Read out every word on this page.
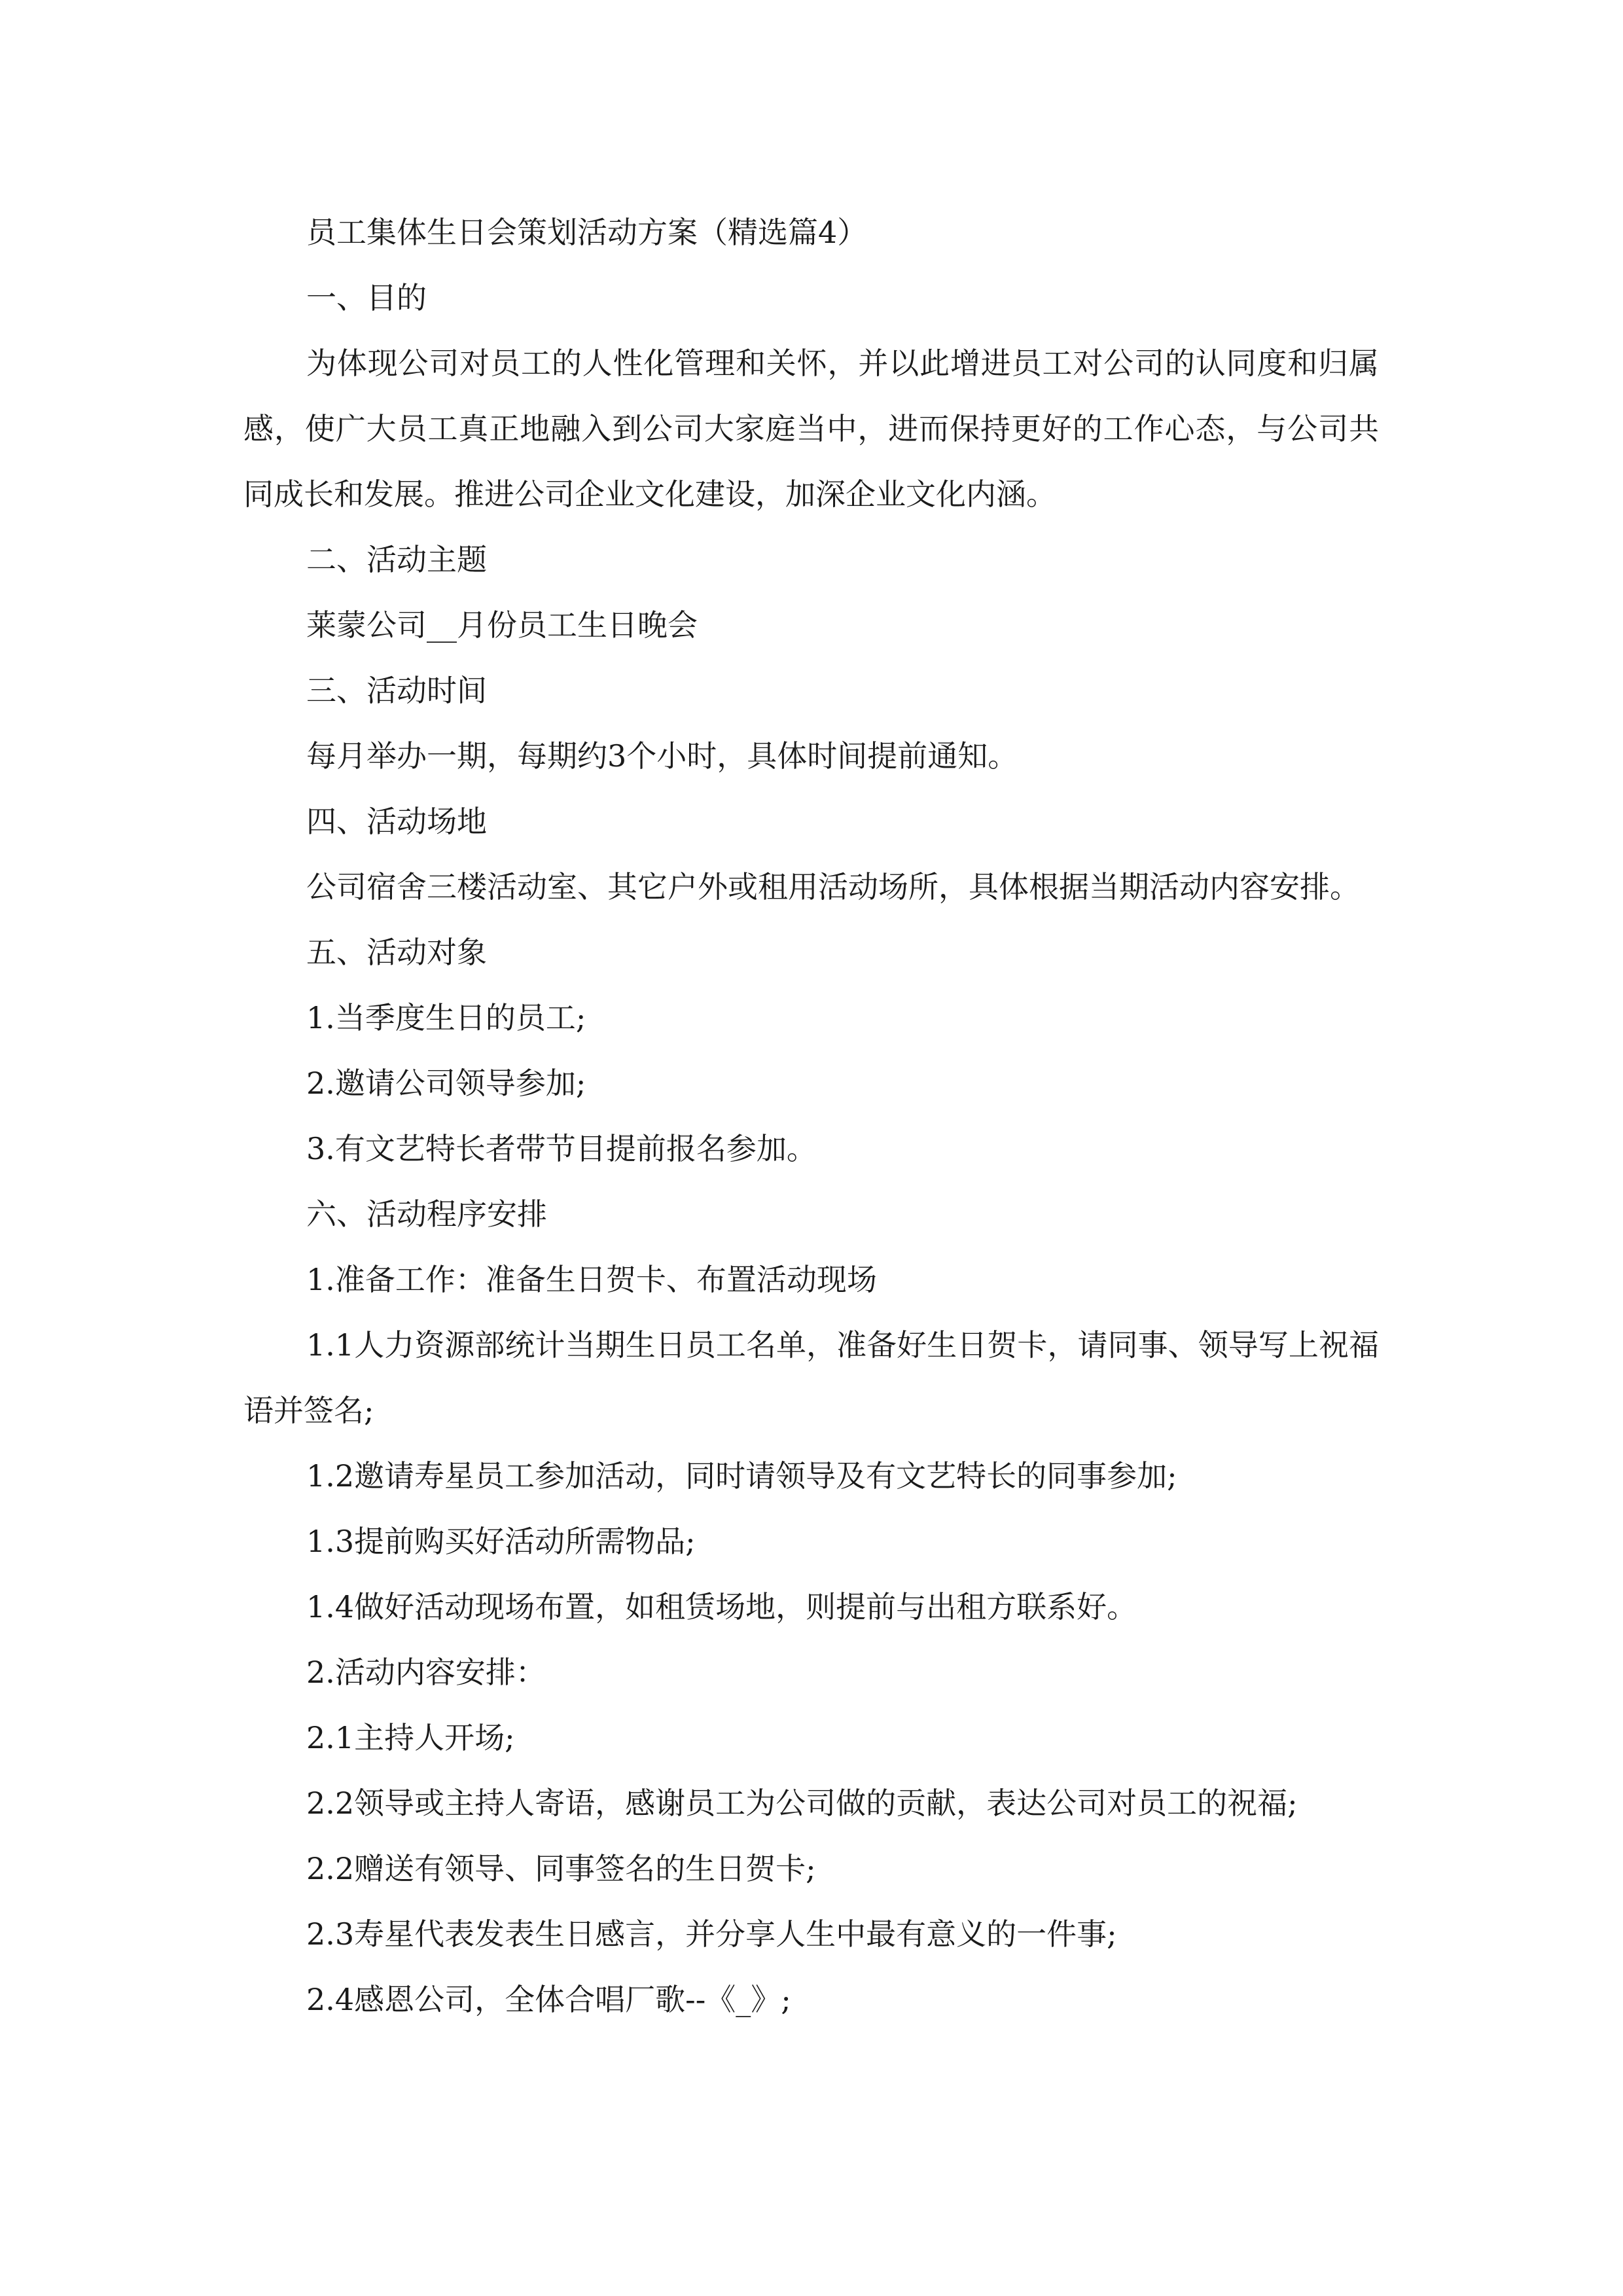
员工集体生日会策划活动方案（精选篇4）

一、目的

为体现公司对员工的人性化管理和关怀，并以此增进员工对公司的认同度和归属感，使广大员工真正地融入到公司大家庭当中，进而保持更好的工作心态，与公司共同成长和发展。推进公司企业文化建设，加深企业文化内涵。

二、活动主题

莱蒙公司__月份员工生日晚会

三、活动时间

每月举办一期，每期约3个小时，具体时间提前通知。

四、活动场地

公司宿舍三楼活动室、其它户外或租用活动场所，具体根据当期活动内容安排。

五、活动对象

1.当季度生日的员工;

2.邀请公司领导参加;

3.有文艺特长者带节目提前报名参加。

六、活动程序安排

1.准备工作：准备生日贺卡、布置活动现场

1.1人力资源部统计当期生日员工名单，准备好生日贺卡，请同事、领导写上祝福语并签名;

1.2邀请寿星员工参加活动，同时请领导及有文艺特长的同事参加;

1.3提前购买好活动所需物品;

1.4做好活动现场布置，如租赁场地，则提前与出租方联系好。

2.活动内容安排：

2.1主持人开场;

2.2领导或主持人寄语，感谢员工为公司做的贡献，表达公司对员工的祝福;

2.2赠送有领导、同事签名的生日贺卡;

2.3寿星代表发表生日感言，并分享人生中最有意义的一件事;

2.4感恩公司，全体合唱厂歌--《_》;
